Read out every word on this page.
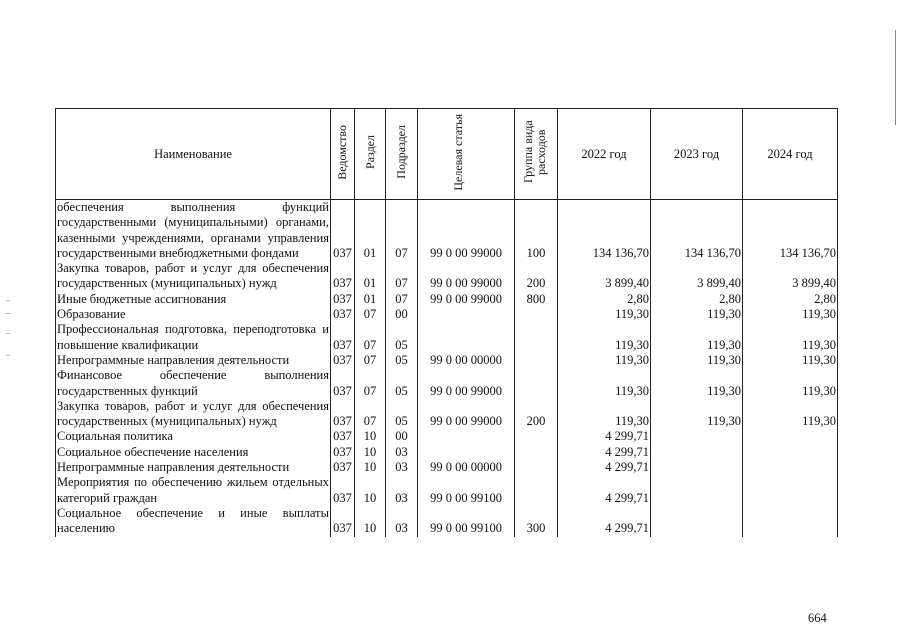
Наименование	Ведомство	Раздел	Подраздел	Целевая статья	Группа вида расходов	2022 год	2023 год	2024 год
обеспечения выполнения функций государственными (муниципальными) органами, казенными учреждениями, органами управления государственными внебюджетными фондами	037	01	07	99 0 00 99000	100	134 136,70	134 136,70	134 136,70
Закупка товаров, работ и услуг для обеспечения государственных (муниципальных) нужд	037	01	07	99 0 00 99000	200	3 899,40	3 899,40	3 899,40
Иные бюджетные ассигнования	037	01	07	99 0 00 99000	800	2,80	2,80	2,80
Образование	037	07	00			119,30	119,30	119,30
Профессиональная подготовка, переподготовка и повышение квалификации	037	07	05			119,30	119,30	119,30
Непрограммные направления деятельности	037	07	05	99 0 00 00000		119,30	119,30	119,30
Финансовое обеспечение выполнения государственных функций	037	07	05	99 0 00 99000		119,30	119,30	119,30
Закупка товаров, работ и услуг для обеспечения государственных (муниципальных) нужд	037	07	05	99 0 00 99000	200	119,30	119,30	119,30
Социальная политика	037	10	00			4 299,71		
Социальное обеспечение населения	037	10	03			4 299,71		
Непрограммные направления деятельности	037	10	03	99 0 00 00000		4 299,71		
Мероприятия по обеспечению жильем отдельных категорий граждан	037	10	03	99 0 00 99100		4 299,71		
Социальное обеспечение и иные выплаты населению	037	10	03	99 0 00 99100	300	4 299,71		
664
